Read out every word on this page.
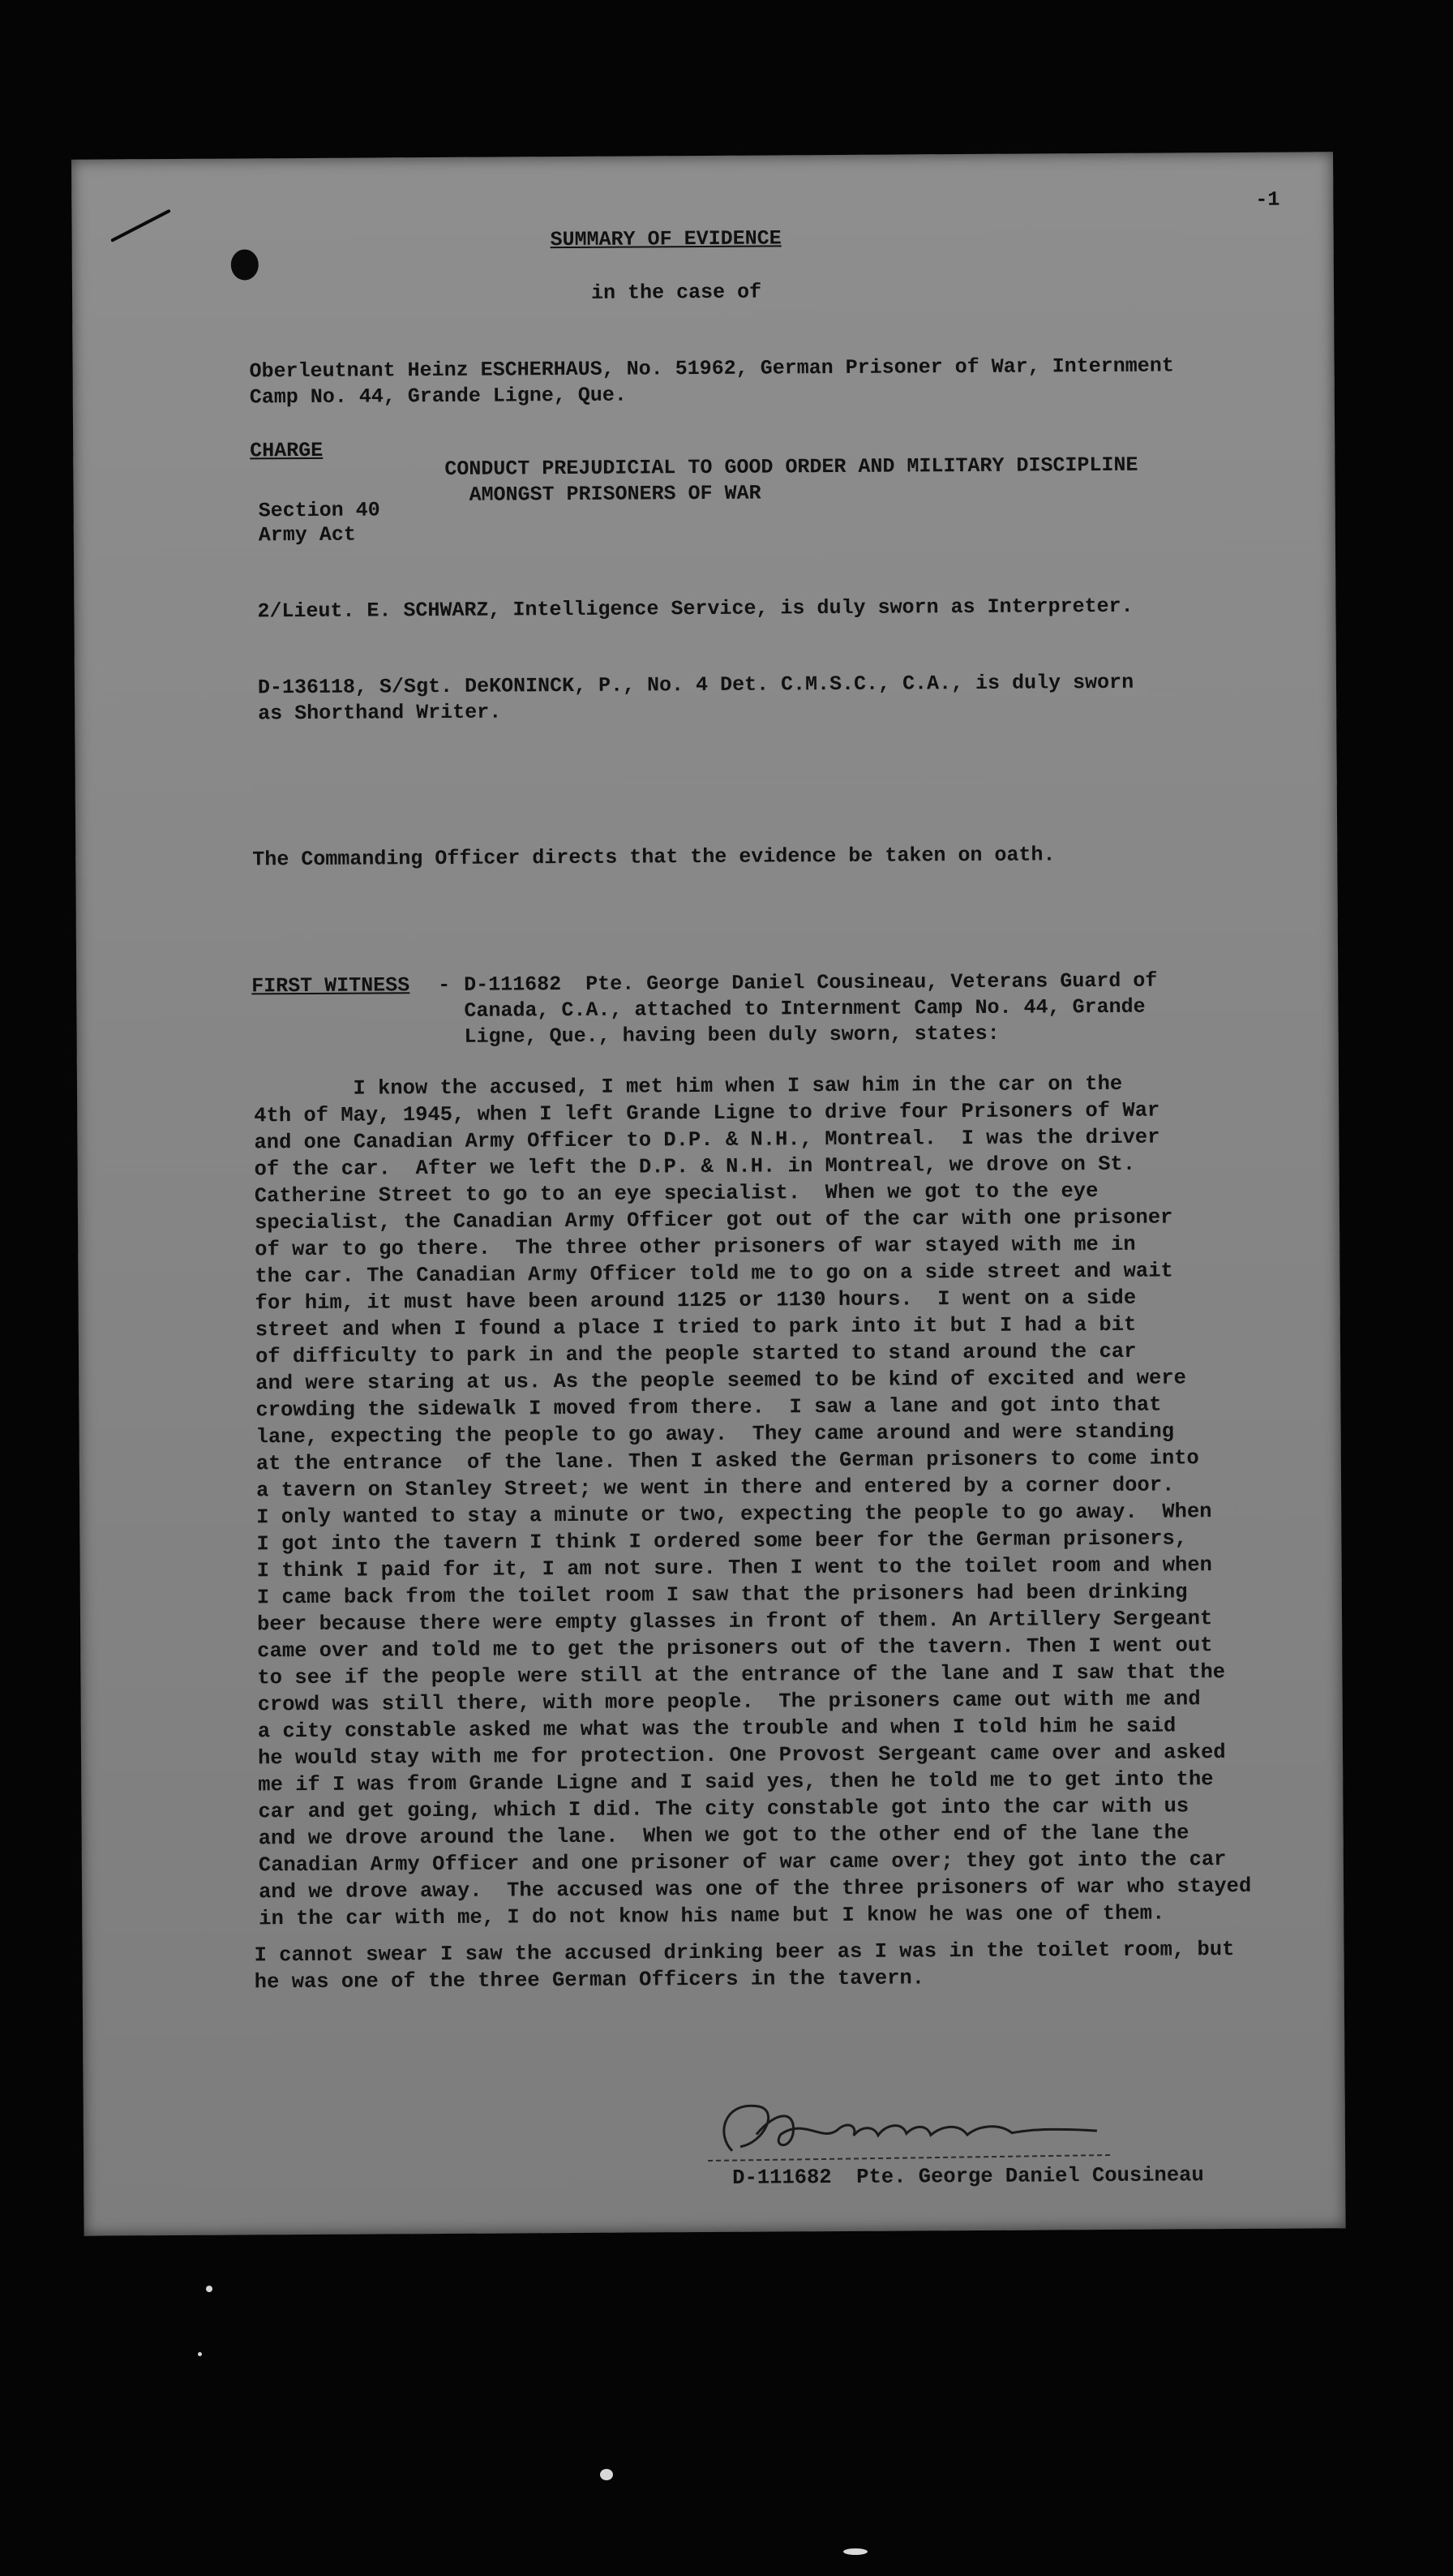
-1
SUMMARY OF EVIDENCE
in the case of
Oberleutnant Heinz ESCHERHAUS, No. 51962, German Prisoner of War, Internment
Camp No. 44, Grande Ligne, Que.
CHARGE
Section 40
Army Act
CONDUCT PREJUDICIAL TO GOOD ORDER AND MILITARY DISCIPLINE
AMONGST PRISONERS OF WAR
2/Lieut. E. SCHWARZ, Intelligence Service, is duly sworn as Interpreter.
D-136118, S/Sgt. DeKONINCK, P., No. 4 Det. C.M.S.C., C.A., is duly sworn
as Shorthand Writer.
The Commanding Officer directs that the evidence be taken on oath.
FIRST WITNESS - D-111682  Pte. George Daniel Cousineau, Veterans Guard of
Canada, C.A., attached to Internment Camp No. 44, Grande
Ligne, Que., having been duly sworn, states:
I know the accused, I met him when I saw him in the car on the
4th of May, 1945, when I left Grande Ligne to drive four Prisoners of War
and one Canadian Army Officer to D.P. & N.H., Montreal.  I was the driver
of the car.  After we left the D.P. & N.H. in Montreal, we drove on St.
Catherine Street to go to an eye specialist.  When we got to the eye
specialist, the Canadian Army Officer got out of the car with one prisoner
of war to go there.  The three other prisoners of war stayed with me in
the car. The Canadian Army Officer told me to go on a side street and wait
for him, it must have been around 1125 or 1130 hours.  I went on a side
street and when I found a place I tried to park into it but I had a bit
of difficulty to park in and the people started to stand around the car
and were staring at us. As the people seemed to be kind of excited and were
crowding the sidewalk I moved from there.  I saw a lane and got into that
lane, expecting the people to go away.  They came around and were standing
at the entrance  of the lane. Then I asked the German prisoners to come into
a tavern on Stanley Street; we went in there and entered by a corner door.
I only wanted to stay a minute or two, expecting the people to go away.  When
I got into the tavern I think I ordered some beer for the German prisoners,
I think I paid for it, I am not sure. Then I went to the toilet room and when
I came back from the toilet room I saw that the prisoners had been drinking
beer because there were empty glasses in front of them. An Artillery Sergeant
came over and told me to get the prisoners out of the tavern. Then I went out
to see if the people were still at the entrance of the lane and I saw that the
crowd was still there, with more people.  The prisoners came out with me and
a city constable asked me what was the trouble and when I told him he said
he would stay with me for protection. One Provost Sergeant came over and asked
me if I was from Grande Ligne and I said yes, then he told me to get into the
car and get going, which I did. The city constable got into the car with us
and we drove around the lane.  When we got to the other end of the lane the
Canadian Army Officer and one prisoner of war came over; they got into the car
and we drove away.  The accused was one of the three prisoners of war who stayed
in the car with me, I do not know his name but I know he was one of them.
I cannot swear I saw the accused drinking beer as I was in the toilet room, but
he was one of the three German Officers in the tavern.
D-111682  Pte. George Daniel Cousineau
